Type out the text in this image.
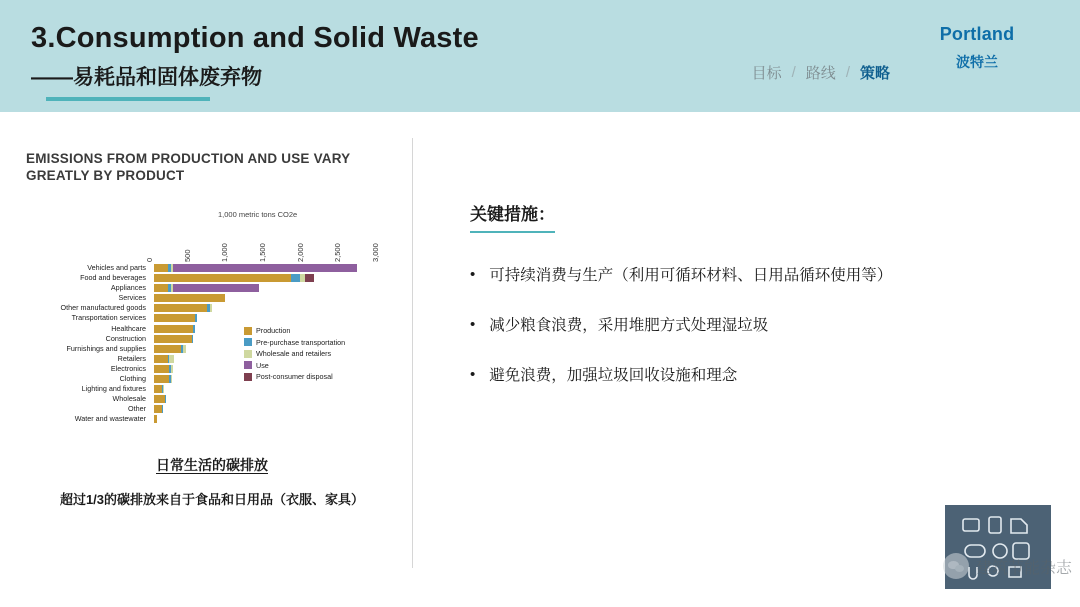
3.Consumption and Solid Waste
——易耗品和固体废弃物	目标 / 路线 / 策略
Portland
波特兰
EMISSIONS FROM PRODUCTION AND USE VARY GREATLY BY PRODUCT
1,000 metric tons CO2e
0	500	1,000	1,500	2,000	2,500	3,000
Vehicles and parts
Food and beverages
Appliances
Services
Other manufactured goods
Transportation services
Healthcare
Construction
Furnishings and supplies
Retailers
Electronics
Clothing
Lighting and fixtures
Wholesale
Other
Water and wastewater
Production
Pre-purchase transportation
Wholesale and retailers
Use
Post-consumer disposal
日常生活的碳排放
超过1/3的碳排放来自于食品和日用品（衣服、家具）
关键措施：
• 可持续消费与生产（利用可循环材料、日用品循环使用等）
• 减少粮食浪费，采用堆肥方式处理湿垃圾
• 避免浪费，加强垃圾回收设施和理念
建筑节能杂志
